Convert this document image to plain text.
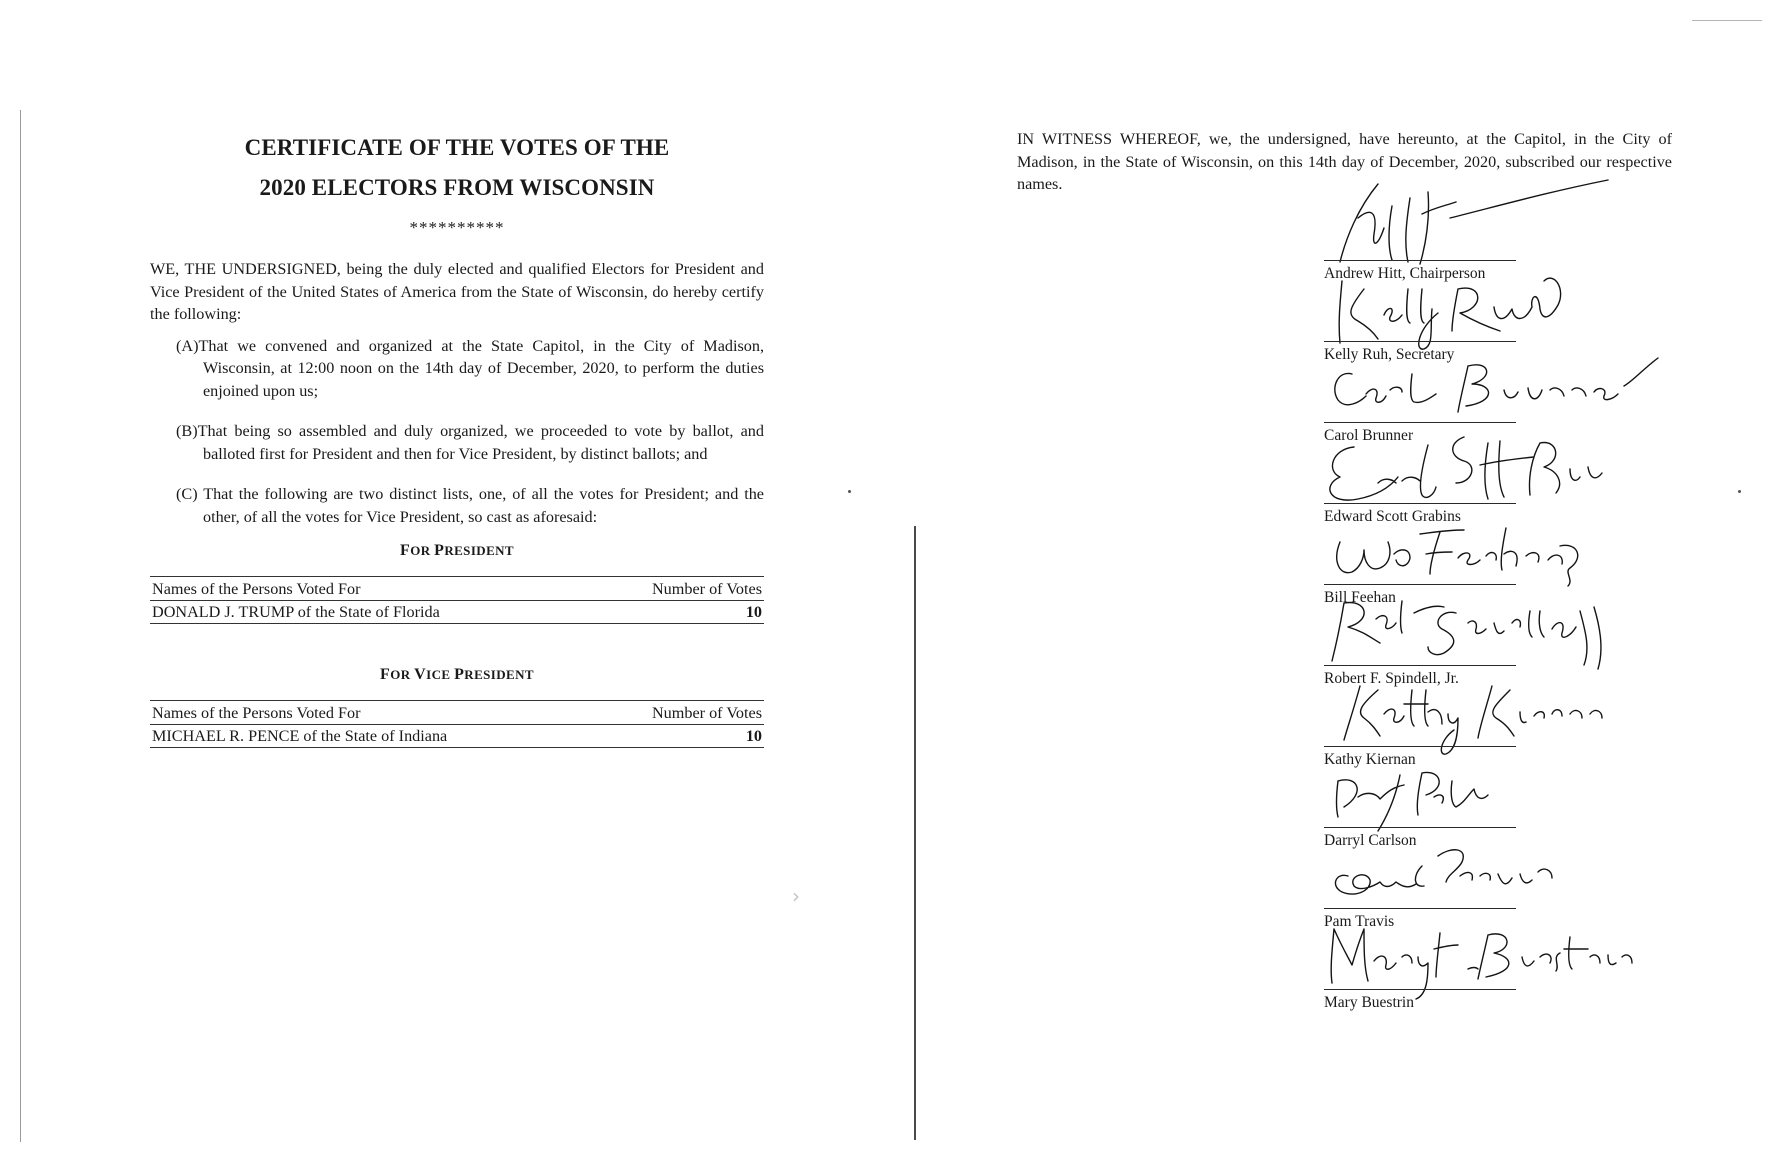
CERTIFICATE OF THE VOTES OF THE
2020 ELECTORS FROM WISCONSIN
**********

WE, THE UNDERSIGNED, being the duly elected and qualified Electors for President and Vice President of the United States of America from the State of Wisconsin, do hereby certify the following:

(A)That we convened and organized at the State Capitol, in the City of Madison, Wisconsin, at 12:00 noon on the 14th day of December, 2020, to perform the duties enjoined upon us;

(B)That being so assembled and duly organized, we proceeded to vote by ballot, and balloted first for President and then for Vice President, by distinct ballots; and

(C) That the following are two distinct lists, one, of all the votes for President; and the other, of all the votes for Vice President, so cast as aforesaid:

FOR PRESIDENT
Names of the Persons Voted For	Number of Votes
DONALD J. TRUMP of the State of Florida	10
FOR VICE PRESIDENT
Names of the Persons Voted For	Number of Votes
MICHAEL R. PENCE of the State of Indiana	10
›

IN WITNESS WHEREOF, we, the undersigned, have hereunto, at the Capitol, in the City of Madison, in the State of Wisconsin, on this 14th day of December, 2020, subscribed our respective names.

Andrew Hitt, Chairperson
Kelly Ruh, Secretary
Carol Brunner
Edward Scott Grabins
Bill Feehan
Robert F. Spindell, Jr.
Kathy Kiernan
Darryl Carlson
Pam Travis
Mary Buestrin
